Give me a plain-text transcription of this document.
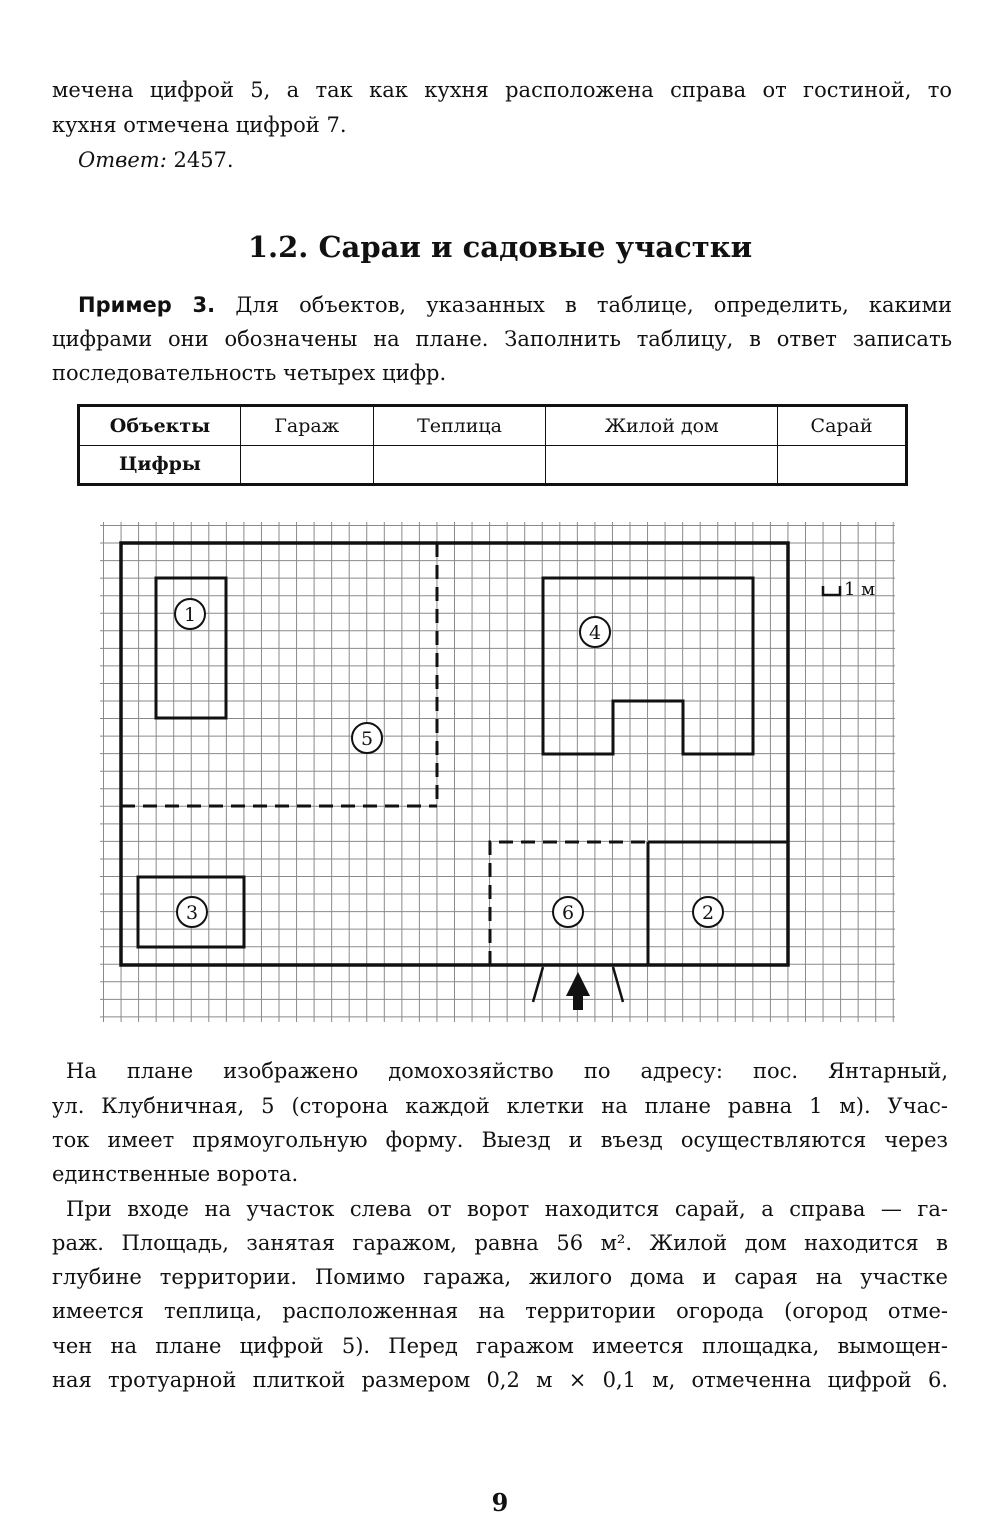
мечена цифрой 5, а так как кухня расположена справа от гостиной, то
кухня отмечена цифрой 7.
Ответ: 2457.
1.2. Сараи и садовые участки
Пример 3. Для объектов, указанных в таблице, определить, какими
цифрами они обозначены на плане. Заполнить таблицу, в ответ записать
последовательность четырех цифр.
Объекты	Гараж	Теплица	Жилой дом	Сарай
Цифры				
1 м
1
2
3
4
5
6
На плане изображено домохозяйство по адресу: пос. Янтарный,
ул. Клубничная, 5 (сторона каждой клетки на плане равна 1 м). Учас-
ток имеет прямоугольную форму. Выезд и въезд осуществляются через
единственные ворота.
При входе на участок слева от ворот находится сарай, а справа — га-
раж. Площадь, занятая гаражом, равна 56 м². Жилой дом находится в
глубине территории. Помимо гаража, жилого дома и сарая на участке
имеется теплица, расположенная на территории огорода (огород отме-
чен на плане цифрой 5). Перед гаражом имеется площадка, вымощен-
ная тротуарной плиткой размером 0,2 м × 0,1 м, отмеченна цифрой 6.
9
